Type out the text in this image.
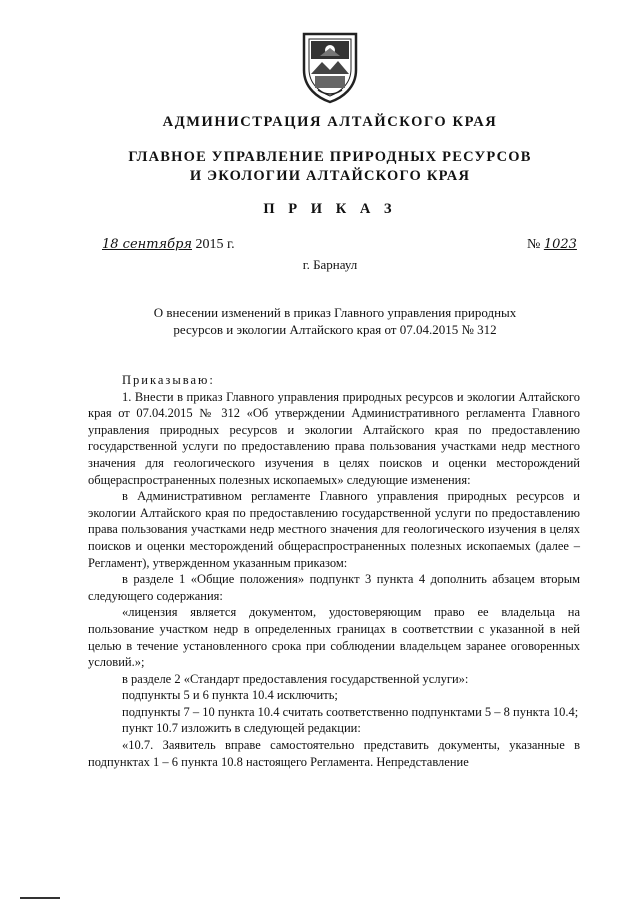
АДМИНИСТРАЦИЯ АЛТАЙСКОГО КРАЯ
ГЛАВНОЕ УПРАВЛЕНИЕ ПРИРОДНЫХ РЕСУРСОВ
И ЭКОЛОГИИ АЛТАЙСКОГО КРАЯ
П Р И К А З
18 сентября 2015 г.	№ 1023
г. Барнаул
О внесении изменений в приказ Главного управления природных
ресурсов и экологии Алтайского края от 07.04.2015 № 312

Приказываю:

1. Внести в приказ Главного управления природных ресурсов и экологии Алтайского края от 07.04.2015 № 312 «Об утверждении Административного регламента Главного управления природных ресурсов и экологии Алтайского края по предоставлению государственной услуги по предоставлению права пользования участками недр местного значения для геологического изучения в целях поисков и оценки месторождений общераспространенных полезных ископаемых» следующие изменения:

в Административном регламенте Главного управления природных ресурсов и экологии Алтайского края по предоставлению государственной услуги по предоставлению права пользования участками недр местного значения для геологического изучения в целях поисков и оценки месторождений общераспространенных полезных ископаемых (далее – Регламент), утвержденном указанным приказом:

в разделе 1 «Общие положения» подпункт 3 пункта 4 дополнить абзацем вторым следующего содержания:

«лицензия является документом, удостоверяющим право ее владельца на пользование участком недр в определенных границах в соответствии с указанной в ней целью в течение установленного срока при соблюдении владельцем заранее оговоренных условий.»;

в разделе 2 «Стандарт предоставления государственной услуги»:

подпункты 5 и 6 пункта 10.4 исключить;

подпункты 7 – 10 пункта 10.4 считать соответственно подпунктами 5 – 8 пункта 10.4;

пункт 10.7 изложить в следующей редакции:

«10.7. Заявитель вправе самостоятельно представить документы, указанные в подпунктах 1 – 6 пункта 10.8 настоящего Регламента. Непредставление
